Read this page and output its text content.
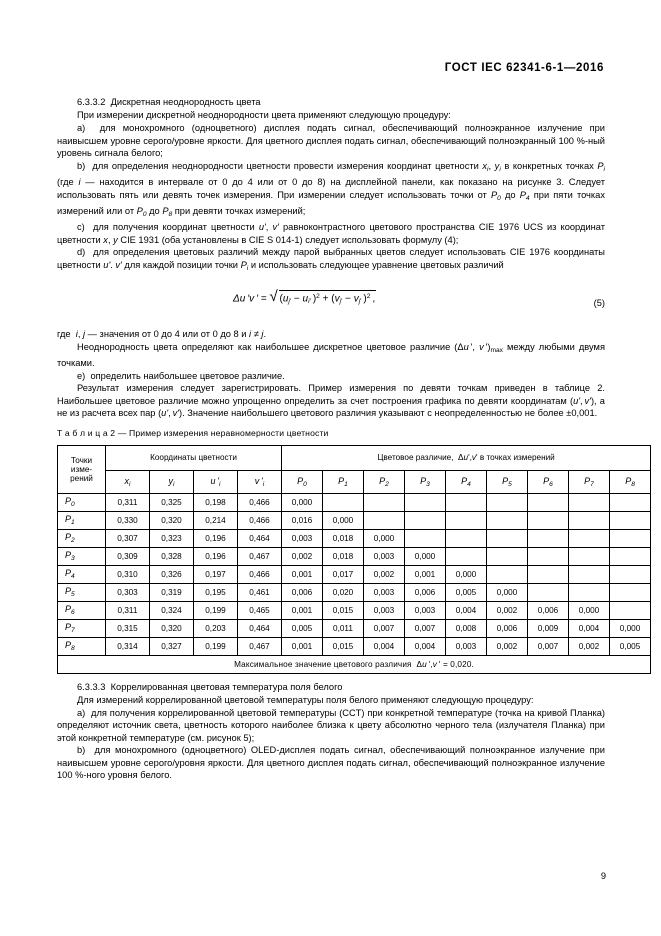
ГОСТ IEC 62341-6-1—2016

6.3.3.2 Дискретная неоднородность цвета

При измерении дискретной неоднородности цвета применяют следующую процедуру:

a) для монохромного (одноцветного) дисплея подать сигнал, обеспечивающий полноэкранное излучение при наивысшем уровне серого/уровне яркости. Для цветного дисплея подать сигнал, обеспечивающий полноэкранный 100 %-ный уровень сигнала белого;

b)  для определения неоднородности цветности провести измерения координат цветности $x_i$, $y_i$ в конкретных точках $P_i$ (где i — находится в интервале от 0 до 4 или от 0 до 8) на дисплейной панели, как показано на рисунке 3. Следует использовать пять или девять точек измерения. При измерении следует использовать точки от $P_0$ до $P_4$ при пяти точках измерений или от $P_0$ до $P_8$ при девяти точках измерений;

c)  для получения координат цветности u', v' равноконтрастного цветового пространства CIE 1976 UCS из координат цветности x, y CIE 1931 (оба установлены в CIE S 014-1) следует использовать формулу (4);

d)  для определения цветовых различий между парой выбранных цветов следует использовать CIE 1976 координаты цветности u'. v' для каждой позиции точки $P_i$ и использовать следующее уравнение цветовых различий

Δu 'v ' = √ ($u_j' - u_i'$ )$^2 + (v_j' - v_j'$ )$^2$ ,	(5)

где i, j — значения от 0 до 4 или от 0 до 8 и i ≠ j.

Неоднородность цвета определяют как наибольшее дискретное цветовое различие (Δu ', v ')max между любыми двумя точками.

e) определить наибольшее цветовое различие.

Результат измерения следует зарегистрировать. Пример измерения по девяти точкам приведен в таблице 2. Наибольшее цветовое различие можно упрощенно определить за счет построения графика по девяти координатам (u', v'), а не из расчета всех пар (u', v'). Значение наибольшего цветового различия указывают с неопределенностью не более ±0,001.

Т а б л и ц а 2 — Пример измерения неравномерности цветности

Точки
изме-
рений	Координаты цветности				Цветовое различие,  Δu',v' в точках измерений								
	$x_i$	$y_i$	u '$_i$	v '$_i$	$P_0$	$P_1$	$P_2$	$P_3$	$P_4$	$P_5$	$P_6$	$P_7$	$P_8$
$P_0$	0,311	0,325	0,198	0,466	0,000								
$P_1$	0,330	0,320	0,214	0,466	0,016	0,000							
$P_2$	0,307	0,323	0,196	0,464	0,003	0,018	0,000						
$P_3$	0,309	0,328	0,196	0,467	0,002	0,018	0,003	0,000					
$P_4$	0,310	0,326	0,197	0,466	0,001	0,017	0,002	0,001	0,000				
$P_5$	0,303	0,319	0,195	0,461	0,006	0,020	0,003	0,006	0,005	0,000			
$P_6$	0,311	0,324	0,199	0,465	0,001	0,015	0,003	0,003	0,004	0,002	0,006	0,000	
$P_7$	0,315	0,320	0,203	0,464	0,005	0,011	0,007	0,007	0,008	0,006	0,009	0,004	0,000
$P_8$	0,314	0,327	0,199	0,467	0,001	0,015	0,004	0,004	0,003	0,002	0,007	0,002	0,005
Максимальное значение цветового различия  Δu ',v ' = 0,020.													

6.3.3.3 Коррелированная цветовая температура поля белого

Для измерений коррелированной цветовой температуры поля белого применяют следующую процедуру:

a) для получения коррелированной цветовой температуры (CCT) при конкретной температуре (точка на кривой Планка) определяют источник света, цветность которого наиболее близка к цвету абсолютно черного тела (излучателя Планка) при этой конкретной температуре (см. рисунок 5);

b) для монохромного (одноцветного) OLED-дисплея подать сигнал, обеспечивающий полноэкранное излучение при наивысшем уровне серого/уровня яркости. Для цветного дисплея подать сигнал, обеспечивающий полноэкранное излучение 100 %-ного уровня белого.

9
